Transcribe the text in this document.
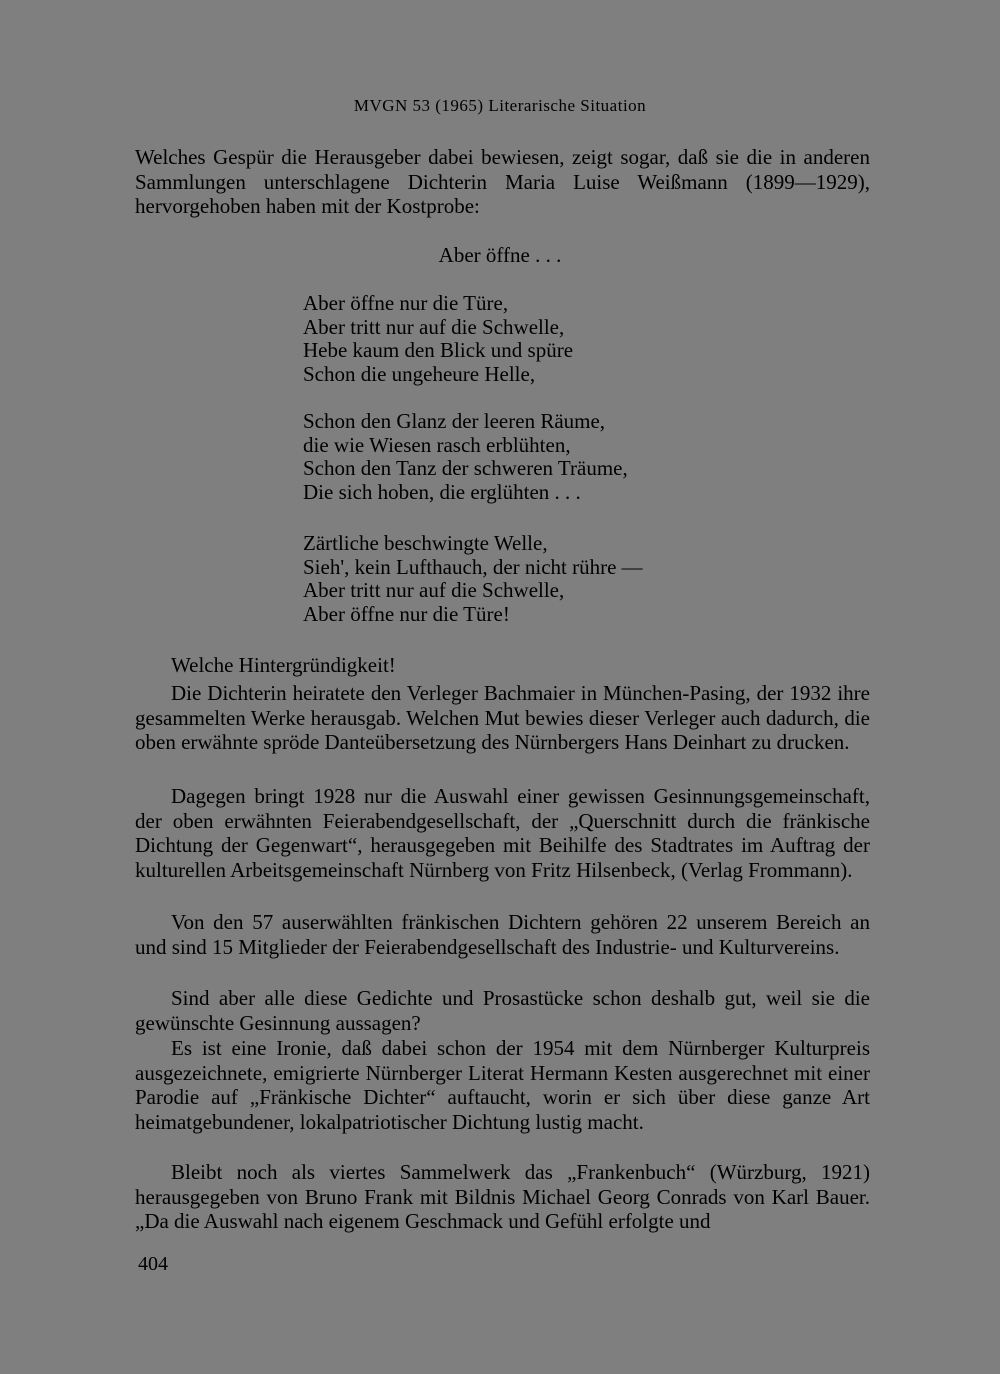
MVGN 53 (1965) Literarische Situation

Welches Gespür die Herausgeber dabei bewiesen, zeigt sogar, daß sie die in anderen Sammlungen unterschlagene Dichterin Maria Luise Weißmann (1899—1929), hervorgehoben haben mit der Kostprobe:

Aber öffne . . .
Aber öffne nur die Türe,
Aber tritt nur auf die Schwelle,
Hebe kaum den Blick und spüre
Schon die ungeheure Helle,
Schon den Glanz der leeren Räume,
die wie Wiesen rasch erblühten,
Schon den Tanz der schweren Träume,
Die sich hoben, die erglühten . . .
Zärtliche beschwingte Welle,
Sieh', kein Lufthauch, der nicht rühre —
Aber tritt nur auf die Schwelle,
Aber öffne nur die Türe!

Welche Hintergründigkeit!

Die Dichterin heiratete den Verleger Bachmaier in München-Pasing, der 1932 ihre gesammelten Werke herausgab. Welchen Mut bewies dieser Verleger auch dadurch, die oben erwähnte spröde Danteübersetzung des Nürnbergers Hans Deinhart zu drucken.

Dagegen bringt 1928 nur die Auswahl einer gewissen Gesinnungsgemeinschaft, der oben erwähnten Feierabendgesellschaft, der „Querschnitt durch die fränkische Dichtung der Gegenwart“, herausgegeben mit Beihilfe des Stadtrates im Auftrag der kulturellen Arbeitsgemeinschaft Nürnberg von Fritz Hilsenbeck, (Verlag Frommann).

Von den 57 auserwählten fränkischen Dichtern gehören 22 unserem Bereich an und sind 15 Mitglieder der Feierabendgesellschaft des Industrie- und Kulturvereins.

Sind aber alle diese Gedichte und Prosastücke schon deshalb gut, weil sie die gewünschte Gesinnung aussagen?

Es ist eine Ironie, daß dabei schon der 1954 mit dem Nürnberger Kulturpreis ausgezeichnete, emigrierte Nürnberger Literat Hermann Kesten ausgerechnet mit einer Parodie auf „Fränkische Dichter“ auftaucht, worin er sich über diese ganze Art heimatgebundener, lokalpatriotischer Dichtung lustig macht.

Bleibt noch als viertes Sammelwerk das „Frankenbuch“ (Würzburg, 1921) herausgegeben von Bruno Frank mit Bildnis Michael Georg Conrads von Karl Bauer. „Da die Auswahl nach eigenem Geschmack und Gefühl erfolgte und

404
